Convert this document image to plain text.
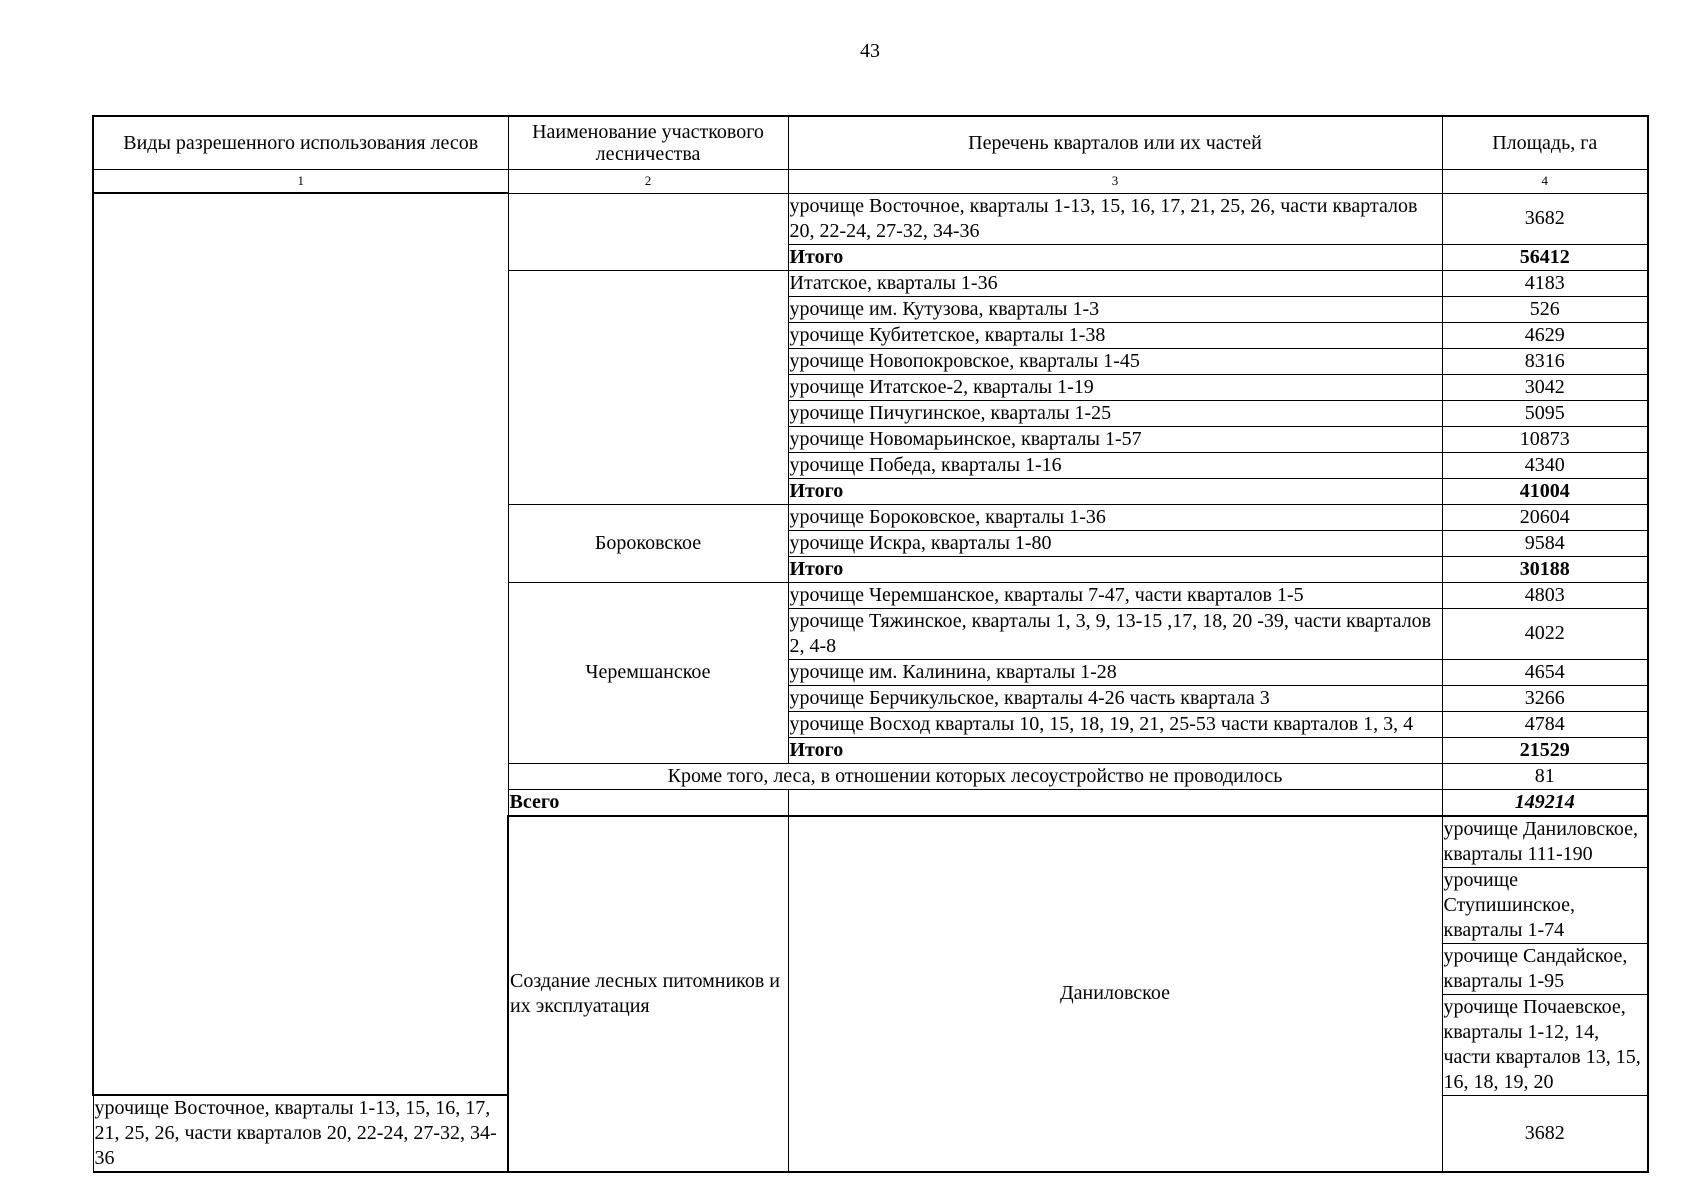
43
Виды разрешенного использования лесов	Наименование участкового лесничества	Перечень кварталов или их частей	Площадь, га	
1	2	3	4	
		урочище Восточное, кварталы 1-13, 15, 16, 17, 21, 25, 26, части кварталов 20, 22-24, 27-32, 34-36	3682	
		Итого	56412	
		Итатское, кварталы 1-36	4183	
		урочище им. Кутузова, кварталы 1-3	526	
		урочище Кубитетское, кварталы 1-38	4629	
		урочище Новопокровское, кварталы 1-45	8316	
		урочище Итатское-2, кварталы 1-19	3042	
		урочище Пичугинское, кварталы 1-25	5095	
		урочище Новомарьинское, кварталы 1-57	10873	
		урочище Победа, кварталы 1-16	4340	
		Итого	41004	
	Бороковское	урочище Бороковское, кварталы 1-36	20604	
		урочище Искра, кварталы 1-80	9584	
		Итого	30188	
	Черемшанское	урочище Черемшанское, кварталы 7-47, части кварталов 1-5	4803	
		урочище Тяжинское, кварталы 1, 3, 9, 13-15 ,17, 18, 20 -39, части кварталов 2, 4-8	4022	
		урочище им. Калинина, кварталы 1-28	4654	
		урочище Берчикульское, кварталы 4-26 часть квартала 3	3266	
		урочище Восход кварталы 10, 15, 18, 19, 21, 25-53 части кварталов 1, 3, 4	4784	
		Итого	21529	
	Кроме того, леса, в отношении которых лесоустройство не проводилось		81	
	Всего		149214	
	Создание лесных питомников и их эксплуатация	Даниловское	урочище Даниловское, кварталы 111-190	
			урочище Ступишинское, кварталы 1-74	
			урочище Сандайское, кварталы 1-95	
			урочище Почаевское, кварталы 1-12, 14, части кварталов 13, 15, 16, 18, 19, 20	
урочище Восточное, кварталы 1-13, 15, 16, 17, 21, 25, 26, части кварталов 20, 22-24, 27-32, 34-36			3682	
